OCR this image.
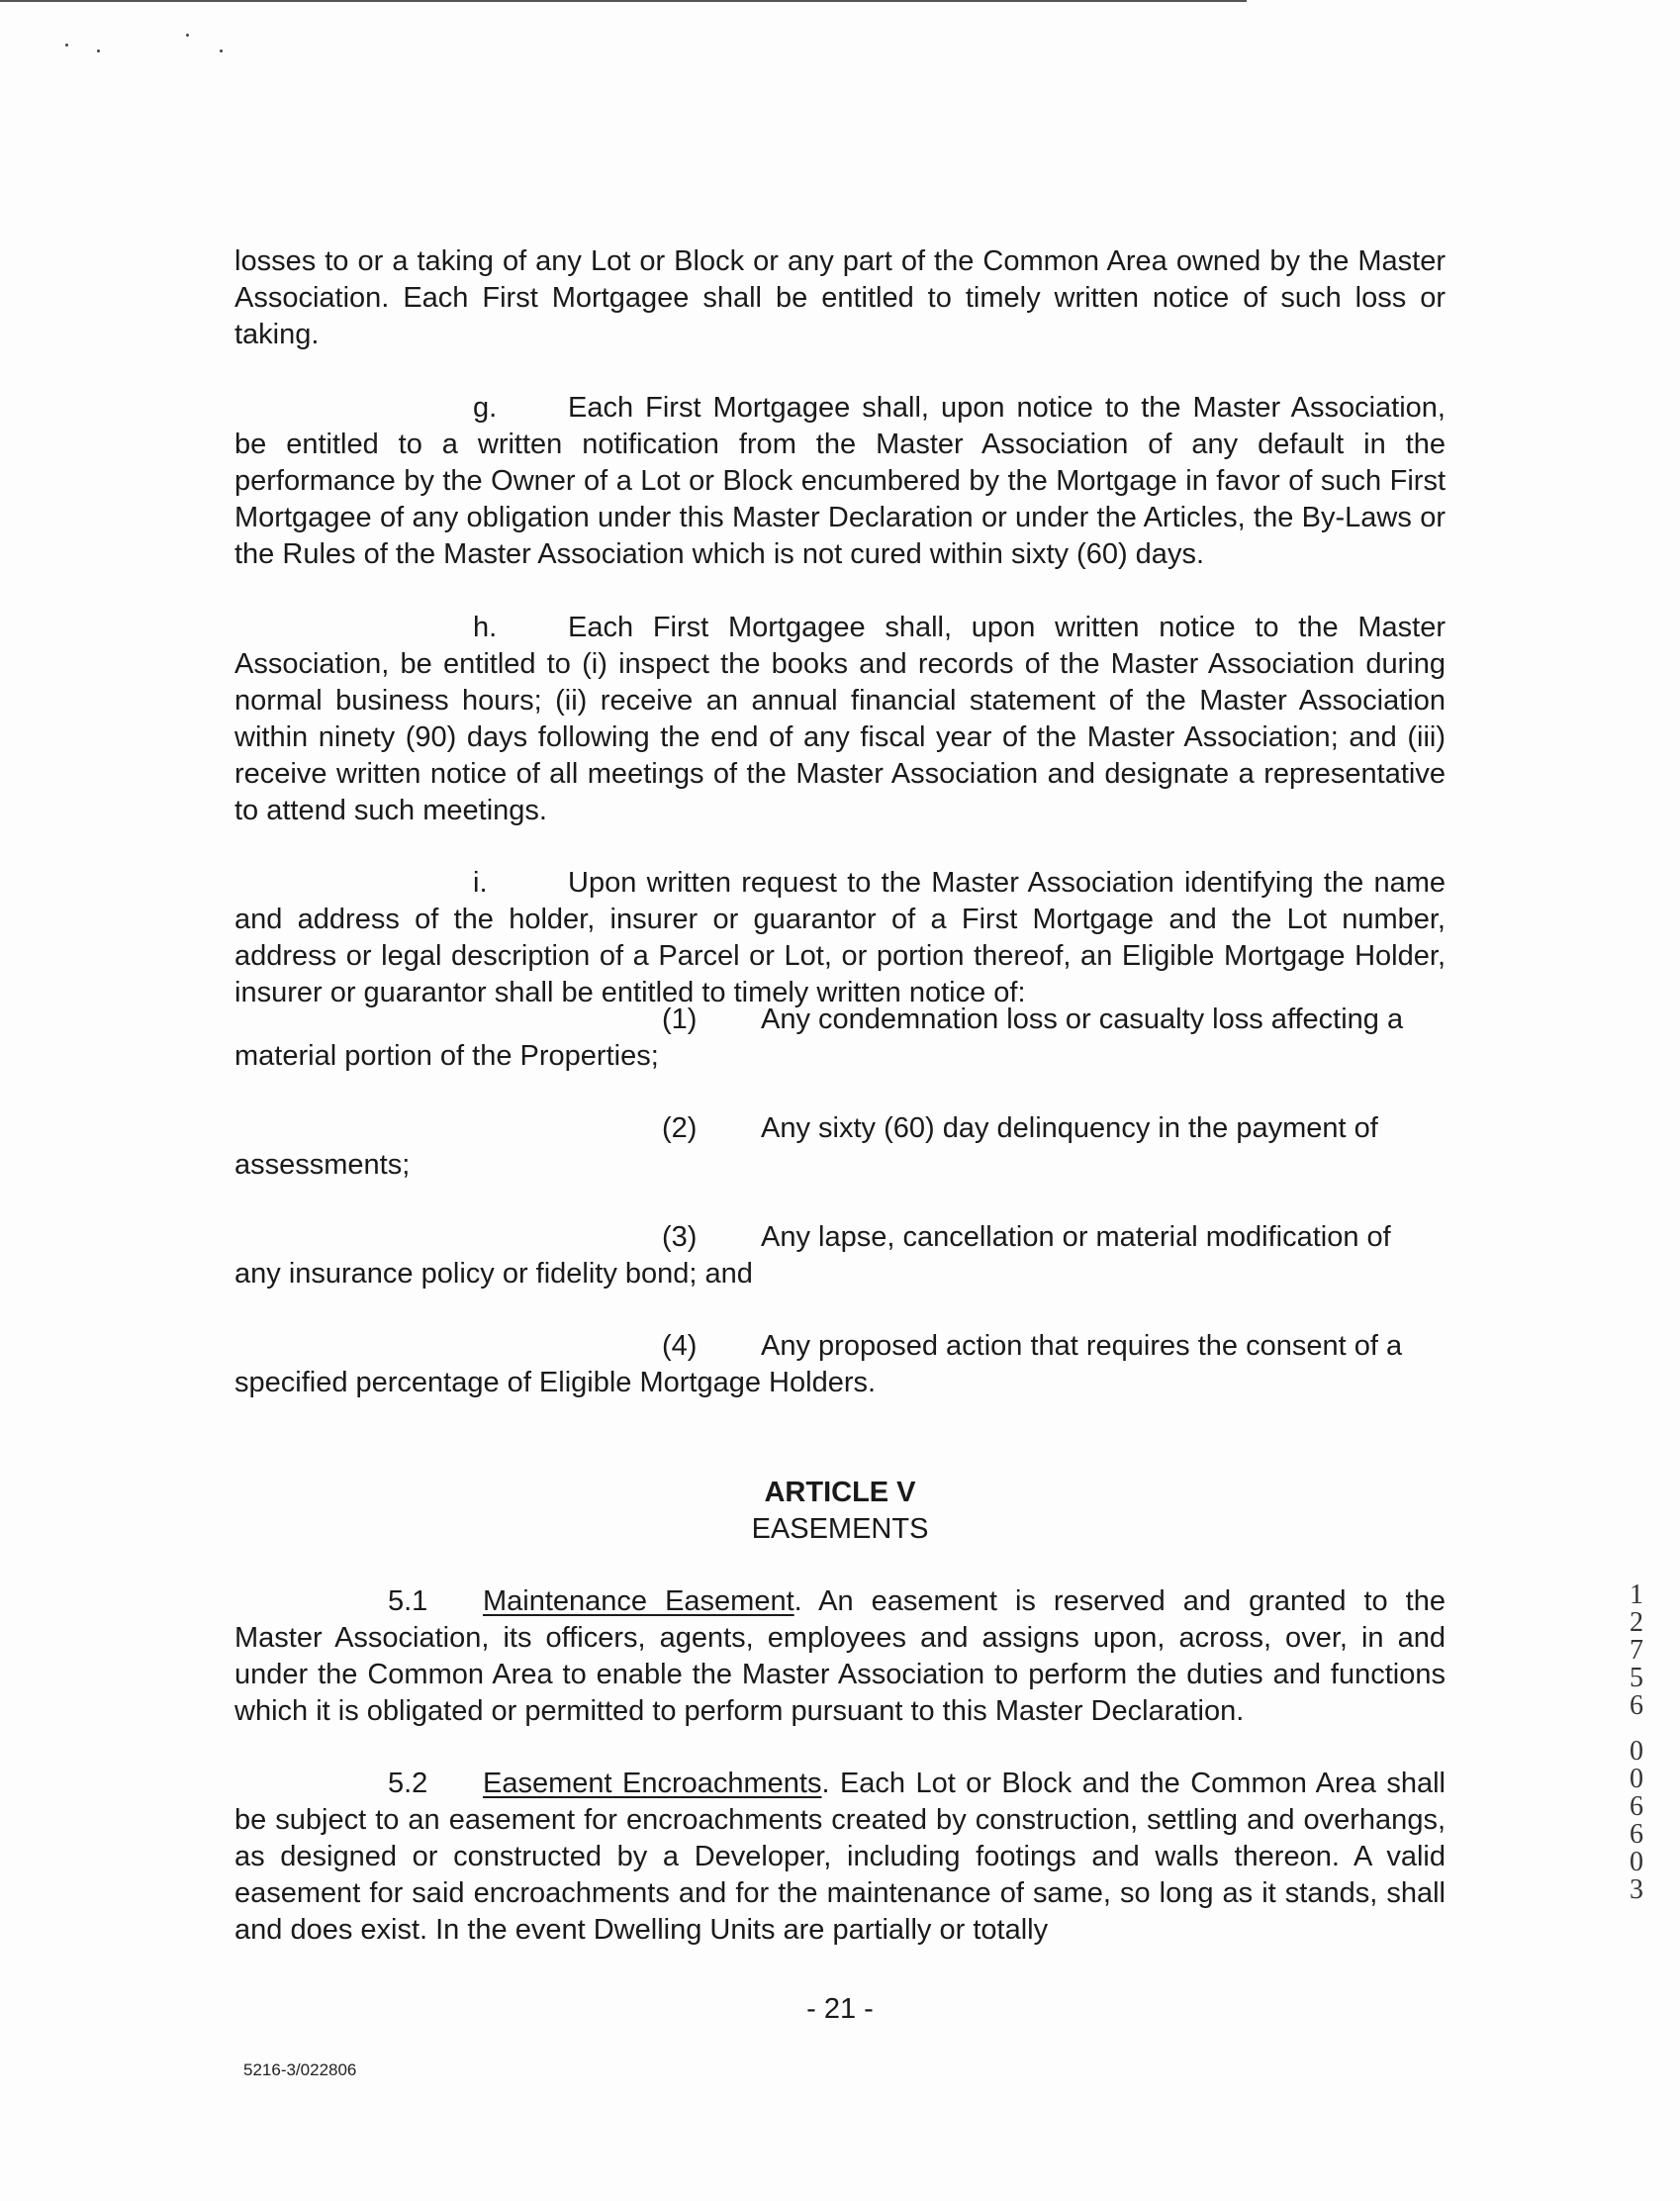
losses to or a taking of any Lot or Block or any part of the Common Area owned by the Master Association. Each First Mortgagee shall be entitled to timely written notice of such loss or taking.

g. Each First Mortgagee shall, upon notice to the Master Association, be entitled to a written notification from the Master Association of any default in the performance by the Owner of a Lot or Block encumbered by the Mortgage in favor of such First Mortgagee of any obligation under this Master Declaration or under the Articles, the By-Laws or the Rules of the Master Association which is not cured within sixty (60) days.

h. Each First Mortgagee shall, upon written notice to the Master Association, be entitled to (i) inspect the books and records of the Master Association during normal business hours; (ii) receive an annual financial statement of the Master Association within ninety (90) days following the end of any fiscal year of the Master Association; and (iii) receive written notice of all meetings of the Master Association and designate a representative to attend such meetings.

i.	Upon written request to the Master Association identifying the name and address of the holder, insurer or guarantor of a First Mortgage and the Lot number, address or legal description of a Parcel or Lot, or portion thereof, an Eligible Mortgage Holder, insurer or guarantor shall be entitled to timely written notice of:

(1) Any condemnation loss or casualty loss affecting a
material portion of the Properties;
(2) Any sixty (60) day delinquency in the payment of
assessments;
(3) Any lapse, cancellation or material modification of
any insurance policy or fidelity bond; and
(4) Any proposed action that requires the consent of a
specified percentage of Eligible Mortgage Holders.
ARTICLE V
EASEMENTS

5.1 Maintenance Easement. An easement is reserved and granted to the Master Association, its officers, agents, employees and assigns upon, across, over, in and under the Common Area to enable the Master Association to perform the duties and functions which it is obligated or permitted to perform pursuant to this Master Declaration.

5.2 Easement Encroachments. Each Lot or Block and the Common Area shall be subject to an easement for encroachments created by construction, settling and overhangs, as designed or constructed by a Developer, including footings and walls thereon. A valid easement for said encroachments and for the maintenance of same, so long as it stands, shall and does exist. In the event Dwelling Units are partially or totally

- 21 -
5216-3/022806
1
2
7
5
6
0
0
6
6
0
3
